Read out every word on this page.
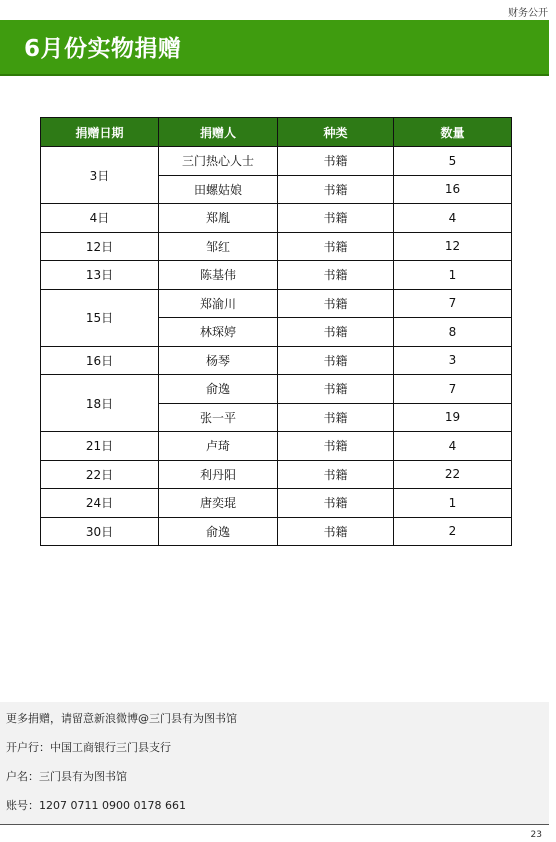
财务公开
6月份实物捐赠
捐赠日期	捐赠人	种类	数量
3日	三门热心人士	书籍	5
	田螺姑娘	书籍	16
4日	郑胤	书籍	4
12日	邹红	书籍	12
13日	陈基伟	书籍	1
15日	郑渝川	书籍	7
	林琛婷	书籍	8
16日	杨琴	书籍	3
18日	俞逸	书籍	7
	张一平	书籍	19
21日	卢琦	书籍	4
22日	利丹阳	书籍	22
24日	唐奕琨	书籍	1
30日	俞逸	书籍	2
更多捐赠，请留意新浪微博@三门县有为图书馆
开户行：中国工商银行三门县支行
户名：三门县有为图书馆
账号：1207 0711 0900 0178 661
23
